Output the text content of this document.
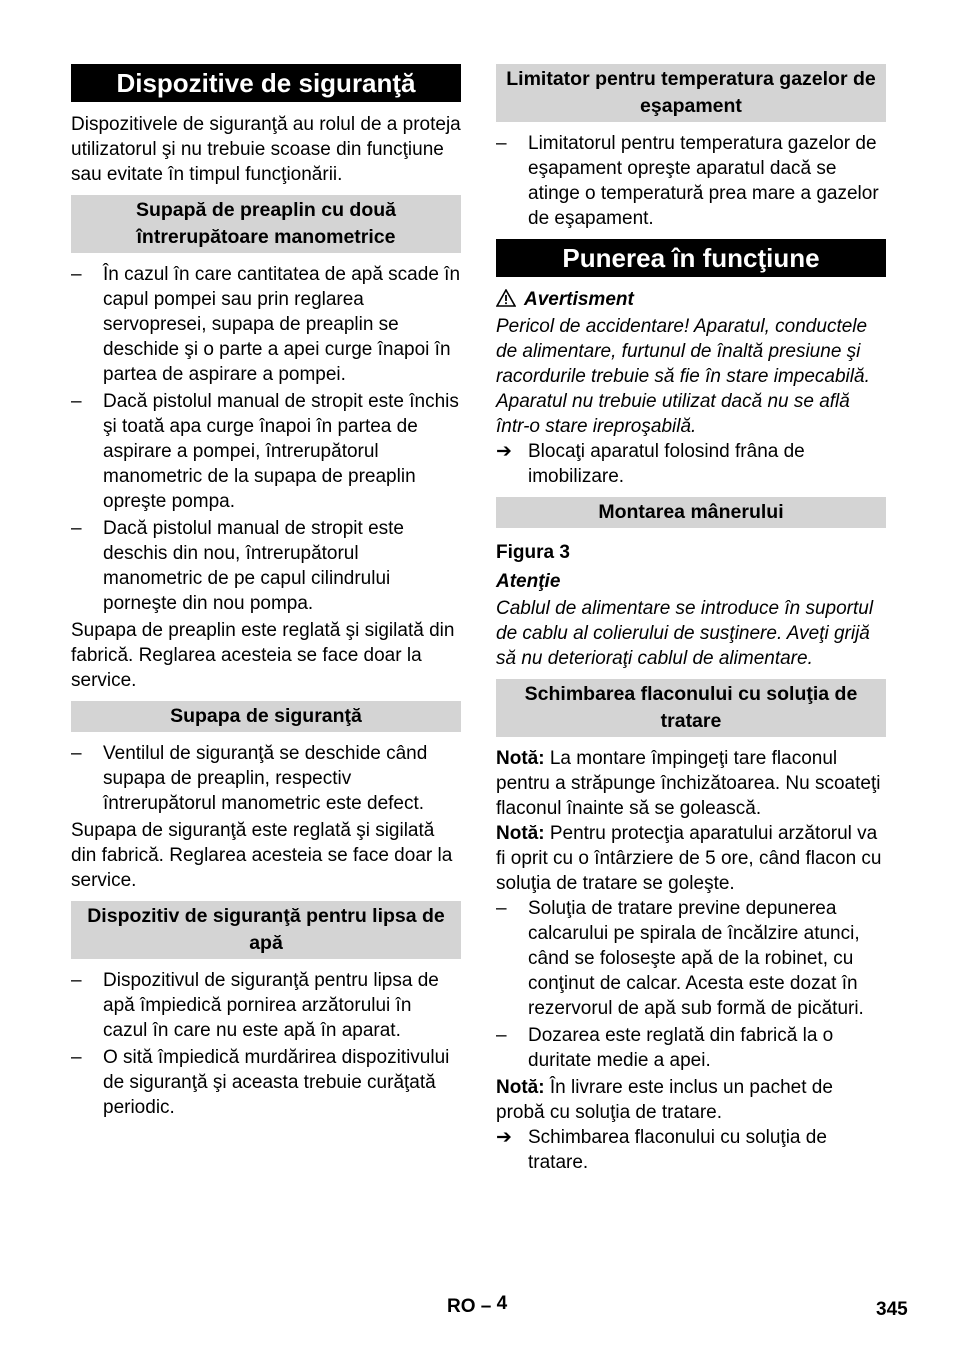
Dispozitive de siguranţă

Dispozitivele de siguranţă au rolul de a proteja utilizatorul şi nu trebuie scoase din funcţiune sau evitate în timpul funcţionării.

Supapă de preaplin cu două întrerupătoare manometrice
– În cazul în care cantitatea de apă scade în capul pompei sau prin reglarea servopresei, supapa de preaplin se deschide şi o parte a apei curge înapoi în partea de aspirare a pompei.
– Dacă pistolul manual de stropit este închis şi toată apa curge înapoi în partea de aspirare a pompei, întrerupătorul manometric de la supapa de preaplin opreşte pompa.
– Dacă pistolul manual de stropit este deschis din nou, întrerupătorul manometric de pe capul cilindrului porneşte din nou pompa.

Supapa de preaplin este reglată şi sigilată din fabrică. Reglarea acesteia se face doar la service.

Supapa de siguranţă
– Ventilul de siguranţă se deschide când supapa de preaplin, respectiv întrerupătorul manometric este defect.

Supapa de siguranţă este reglată şi sigilată din fabrică. Reglarea acesteia se face doar la service.

Dispozitiv de siguranţă pentru lipsa de apă
– Dispozitivul de siguranţă pentru lipsa de apă împiedică pornirea arzătorului în cazul în care nu este apă în aparat.
– O sită împiedică murdărirea dispozitivului de siguranţă şi aceasta trebuie curăţată periodic.
Limitator pentru temperatura gazelor de eşapament
– Limitatorul pentru temperatura gazelor de eşapament opreşte aparatul dacă se atinge o temperatură prea mare a gazelor de eşapament.
Punerea în funcţiune
Avertisment

Pericol de accidentare! Aparatul, conductele de alimentare, furtunul de înaltă presiune şi racordurile trebuie să fie în stare impecabilă. Aparatul nu trebuie utilizat dacă nu se află într-o stare ireproşabilă.

➔ Blocaţi aparatul folosind frâna de imobilizare.
Montarea mânerului
Figura 3
Atenţie

Cablul de alimentare se introduce în suportul de cablu al colierului de susţinere. Aveţi grijă să nu deterioraţi cablul de alimentare.

Schimbarea flaconului cu soluţia de tratare

Notă: La montare împingeţi tare flaconul pentru a străpunge închizătoarea. Nu scoateţi flaconul înainte să se golească.

Notă: Pentru protecţia aparatului arzătorul va fi oprit cu o întârziere de 5 ore, când flacon cu soluţia de tratare se goleşte.

– Soluţia de tratare previne depunerea calcarului pe spirala de încălzire atunci, când se foloseşte apă de la robinet, cu conţinut de calcar. Acesta este dozat în rezervorul de apă sub formă de picături.
– Dozarea este reglată din fabrică la o duritate medie a apei.

Notă: În livrare este inclus un pachet de probă cu soluţia de tratare.

➔ Schimbarea flaconului cu soluţia de tratare.
RO – 4	345
